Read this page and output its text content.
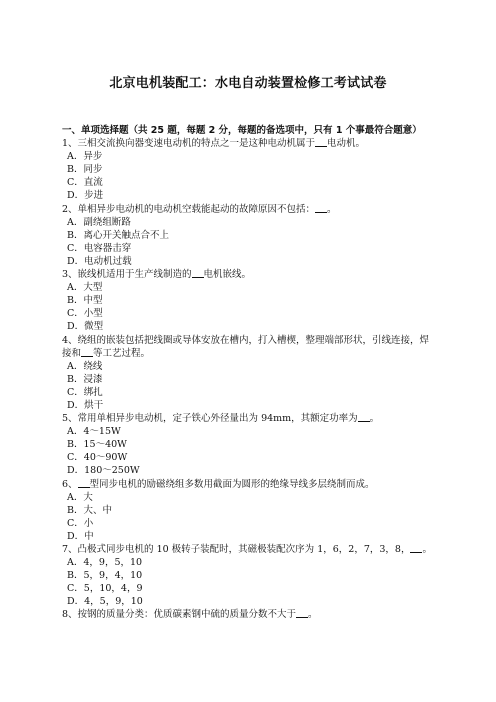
北京电机装配工：水电自动装置检修工考试试卷
一、单项选择题（共 25 题，每题 2 分，每题的备选项中，只有 1 个事最符合题意）
1、三相交流换向器变速电动机的特点之一是这种电动机属于 电动机。
A．异步
B．同步
C．直流
D．步进
2、单相异步电动机的电动机空载能起动的故障原因不包括： 。
A．副绕组断路
B．离心开关触点合不上
C．电容器击穿
D．电动机过载
3、嵌线机适用于生产线制造的 电机嵌线。
A．大型
B．中型
C．小型
D．微型
4、绕组的嵌装包括把线圈或导体安放在槽内，打入槽楔，整理端部形状，引线连接，焊接和 等工艺过程。
A．绕线
B．浸漆
C．绑扎
D．烘干
5、常用单相异步电动机，定子铁心外径量出为 94mm，其额定功率为 。
A．4～15W
B．15～40W
C．40～90W
D．180～250W
6、 型同步电机的励磁绕组多数用截面为圆形的绝缘导线多层绕制而成。
A．大
B．大、中
C．小
D．中
7、凸极式同步电机的 10 极转子装配时，其磁极装配次序为 1，6，2，7，3，8， 。
A．4，9，5，10
B．5，9，4，10
C．5，10，4，9
D．4，5，9，10
8、按钢的质量分类：优质碳素钢中硫的质量分数不大于 。
